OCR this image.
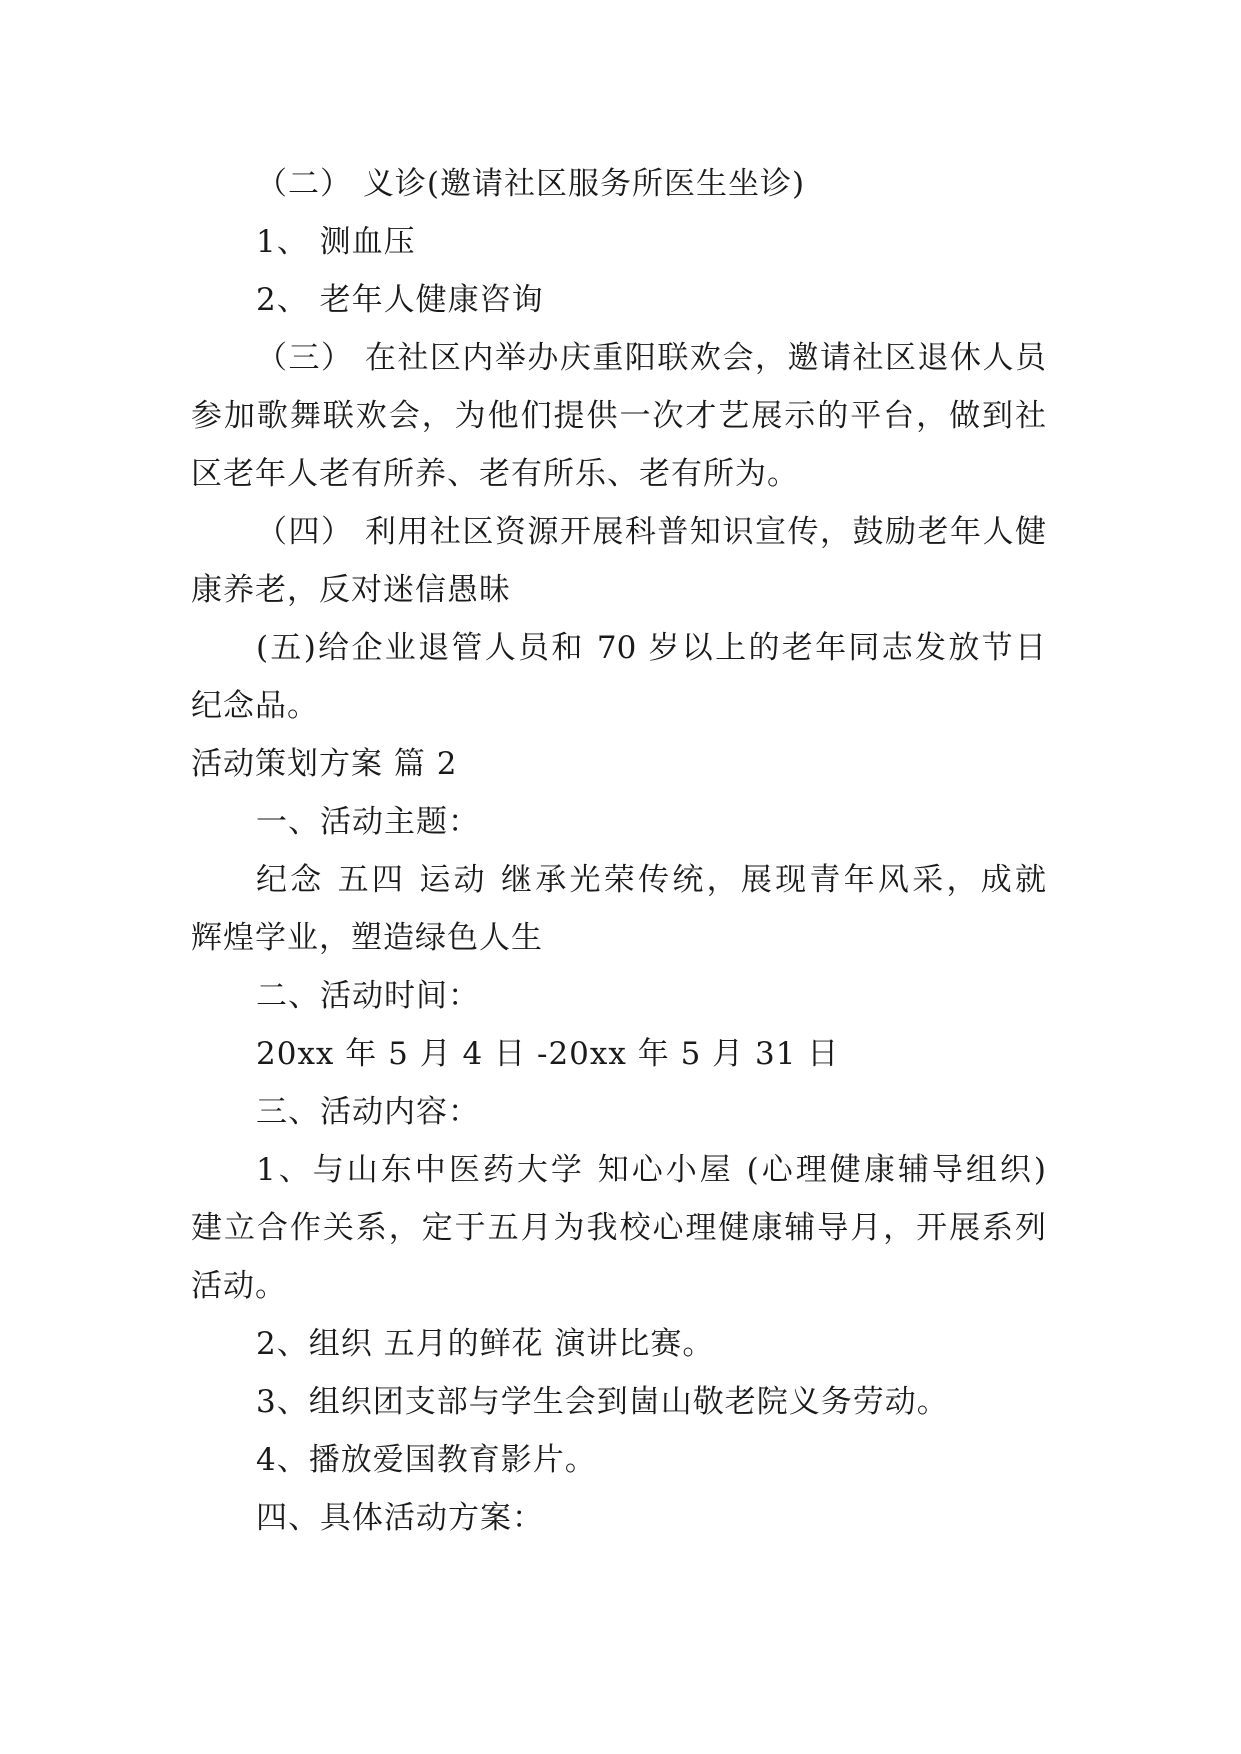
（二） 义诊(邀请社区服务所医生坐诊)
1、 测血压
2、 老年人健康咨询
（三） 在社区内举办庆重阳联欢会，邀请社区退休人员
参加歌舞联欢会，为他们提供一次才艺展示的平台，做到社
区老年人老有所养、老有所乐、老有所为。
（四） 利用社区资源开展科普知识宣传，鼓励老年人健
康养老，反对迷信愚昧
(五)给企业退管人员和 70 岁以上的老年同志发放节日
纪念品。
活动策划方案 篇 2
一、活动主题：
纪念 五四 运动 继承光荣传统，展现青年风采，成就
辉煌学业，塑造绿色人生
二、活动时间：
20xx 年 5 月 4 日 -20xx 年 5 月 31 日
三、活动内容：
1、与山东中医药大学 知心小屋 (心理健康辅导组织)
建立合作关系，定于五月为我校心理健康辅导月，开展系列
活动。
2、组织 五月的鲜花 演讲比赛。
3、组织团支部与学生会到崮山敬老院义务劳动。
4、播放爱国教育影片。
四、具体活动方案：
